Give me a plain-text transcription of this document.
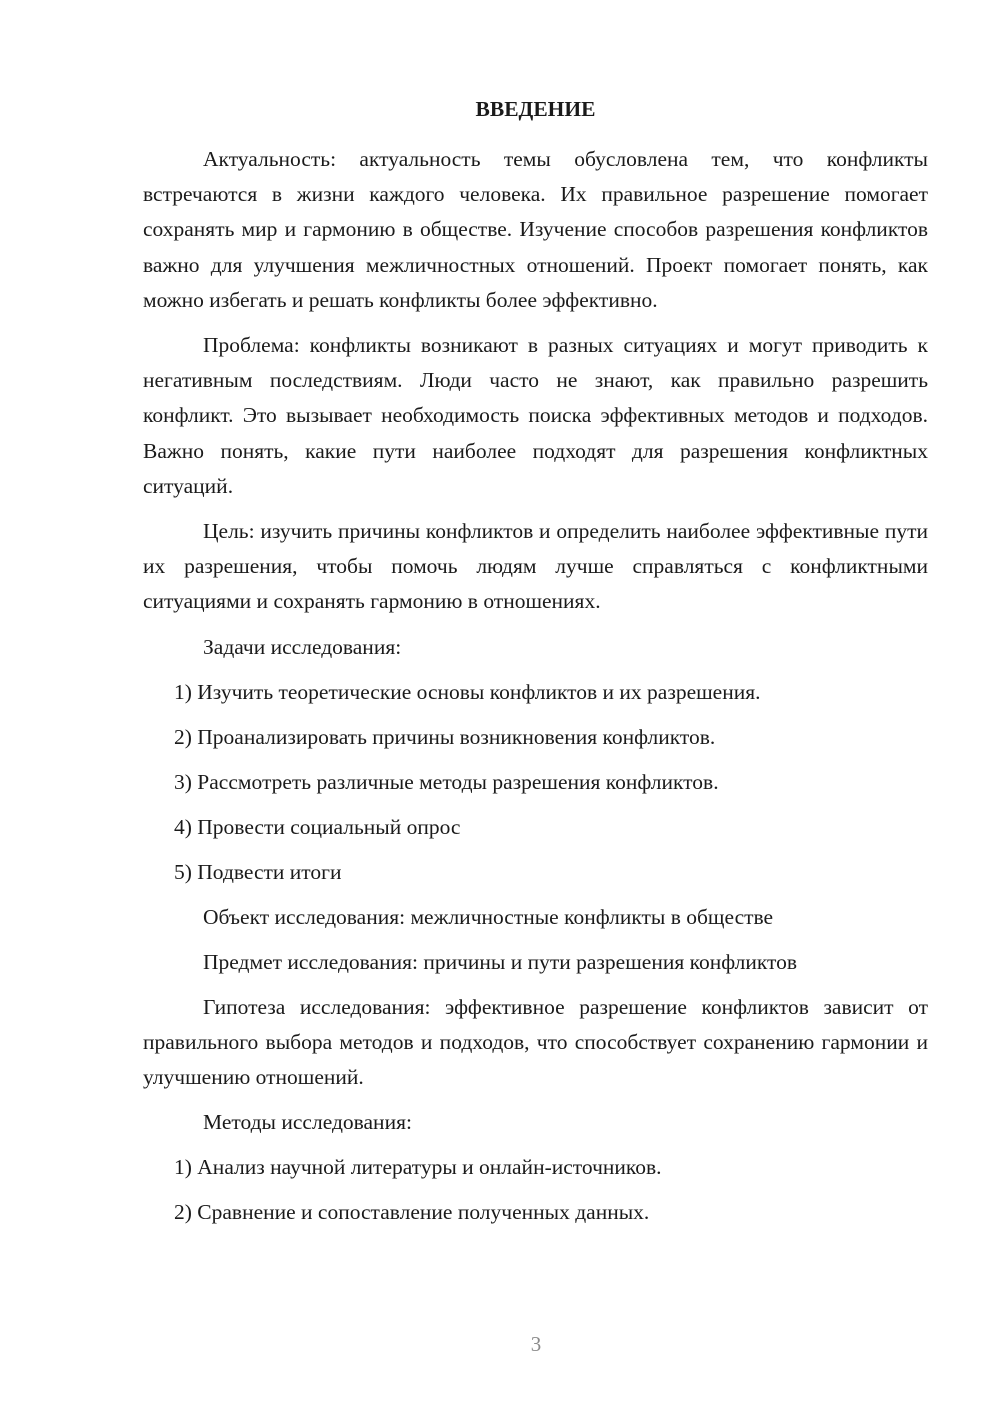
ВВЕДЕНИЕ

Актуальность: актуальность темы обусловлена тем, что конфликты встречаются в жизни каждого человека. Их правильное разрешение помогает сохранять мир и гармонию в обществе. Изучение способов разрешения конфликтов важно для улучшения межличностных отношений. Проект помогает понять, как можно избегать и решать конфликты более эффективно.

Проблема: конфликты возникают в разных ситуациях и могут приводить к негативным последствиям. Люди часто не знают, как правильно разрешить конфликт. Это вызывает необходимость поиска эффективных методов и подходов. Важно понять, какие пути наиболее подходят для разрешения конфликтных ситуаций.

Цель: изучить причины конфликтов и определить наиболее эффективные пути их разрешения, чтобы помочь людям лучше справляться с конфликтными ситуациями и сохранять гармонию в отношениях.

Задачи исследования:

1) Изучить теоретические основы конфликтов и их разрешения.

2) Проанализировать причины возникновения конфликтов.

3) Рассмотреть различные методы разрешения конфликтов.

4) Провести социальный опрос

5) Подвести итоги

Объект исследования: межличностные конфликты в обществе

Предмет исследования: причины и пути разрешения конфликтов

Гипотеза исследования: эффективное разрешение конфликтов зависит от правильного выбора методов и подходов, что способствует сохранению гармонии и улучшению отношений.

Методы исследования:

1) Анализ научной литературы и онлайн-источников.

2) Сравнение и сопоставление полученных данных.

3
